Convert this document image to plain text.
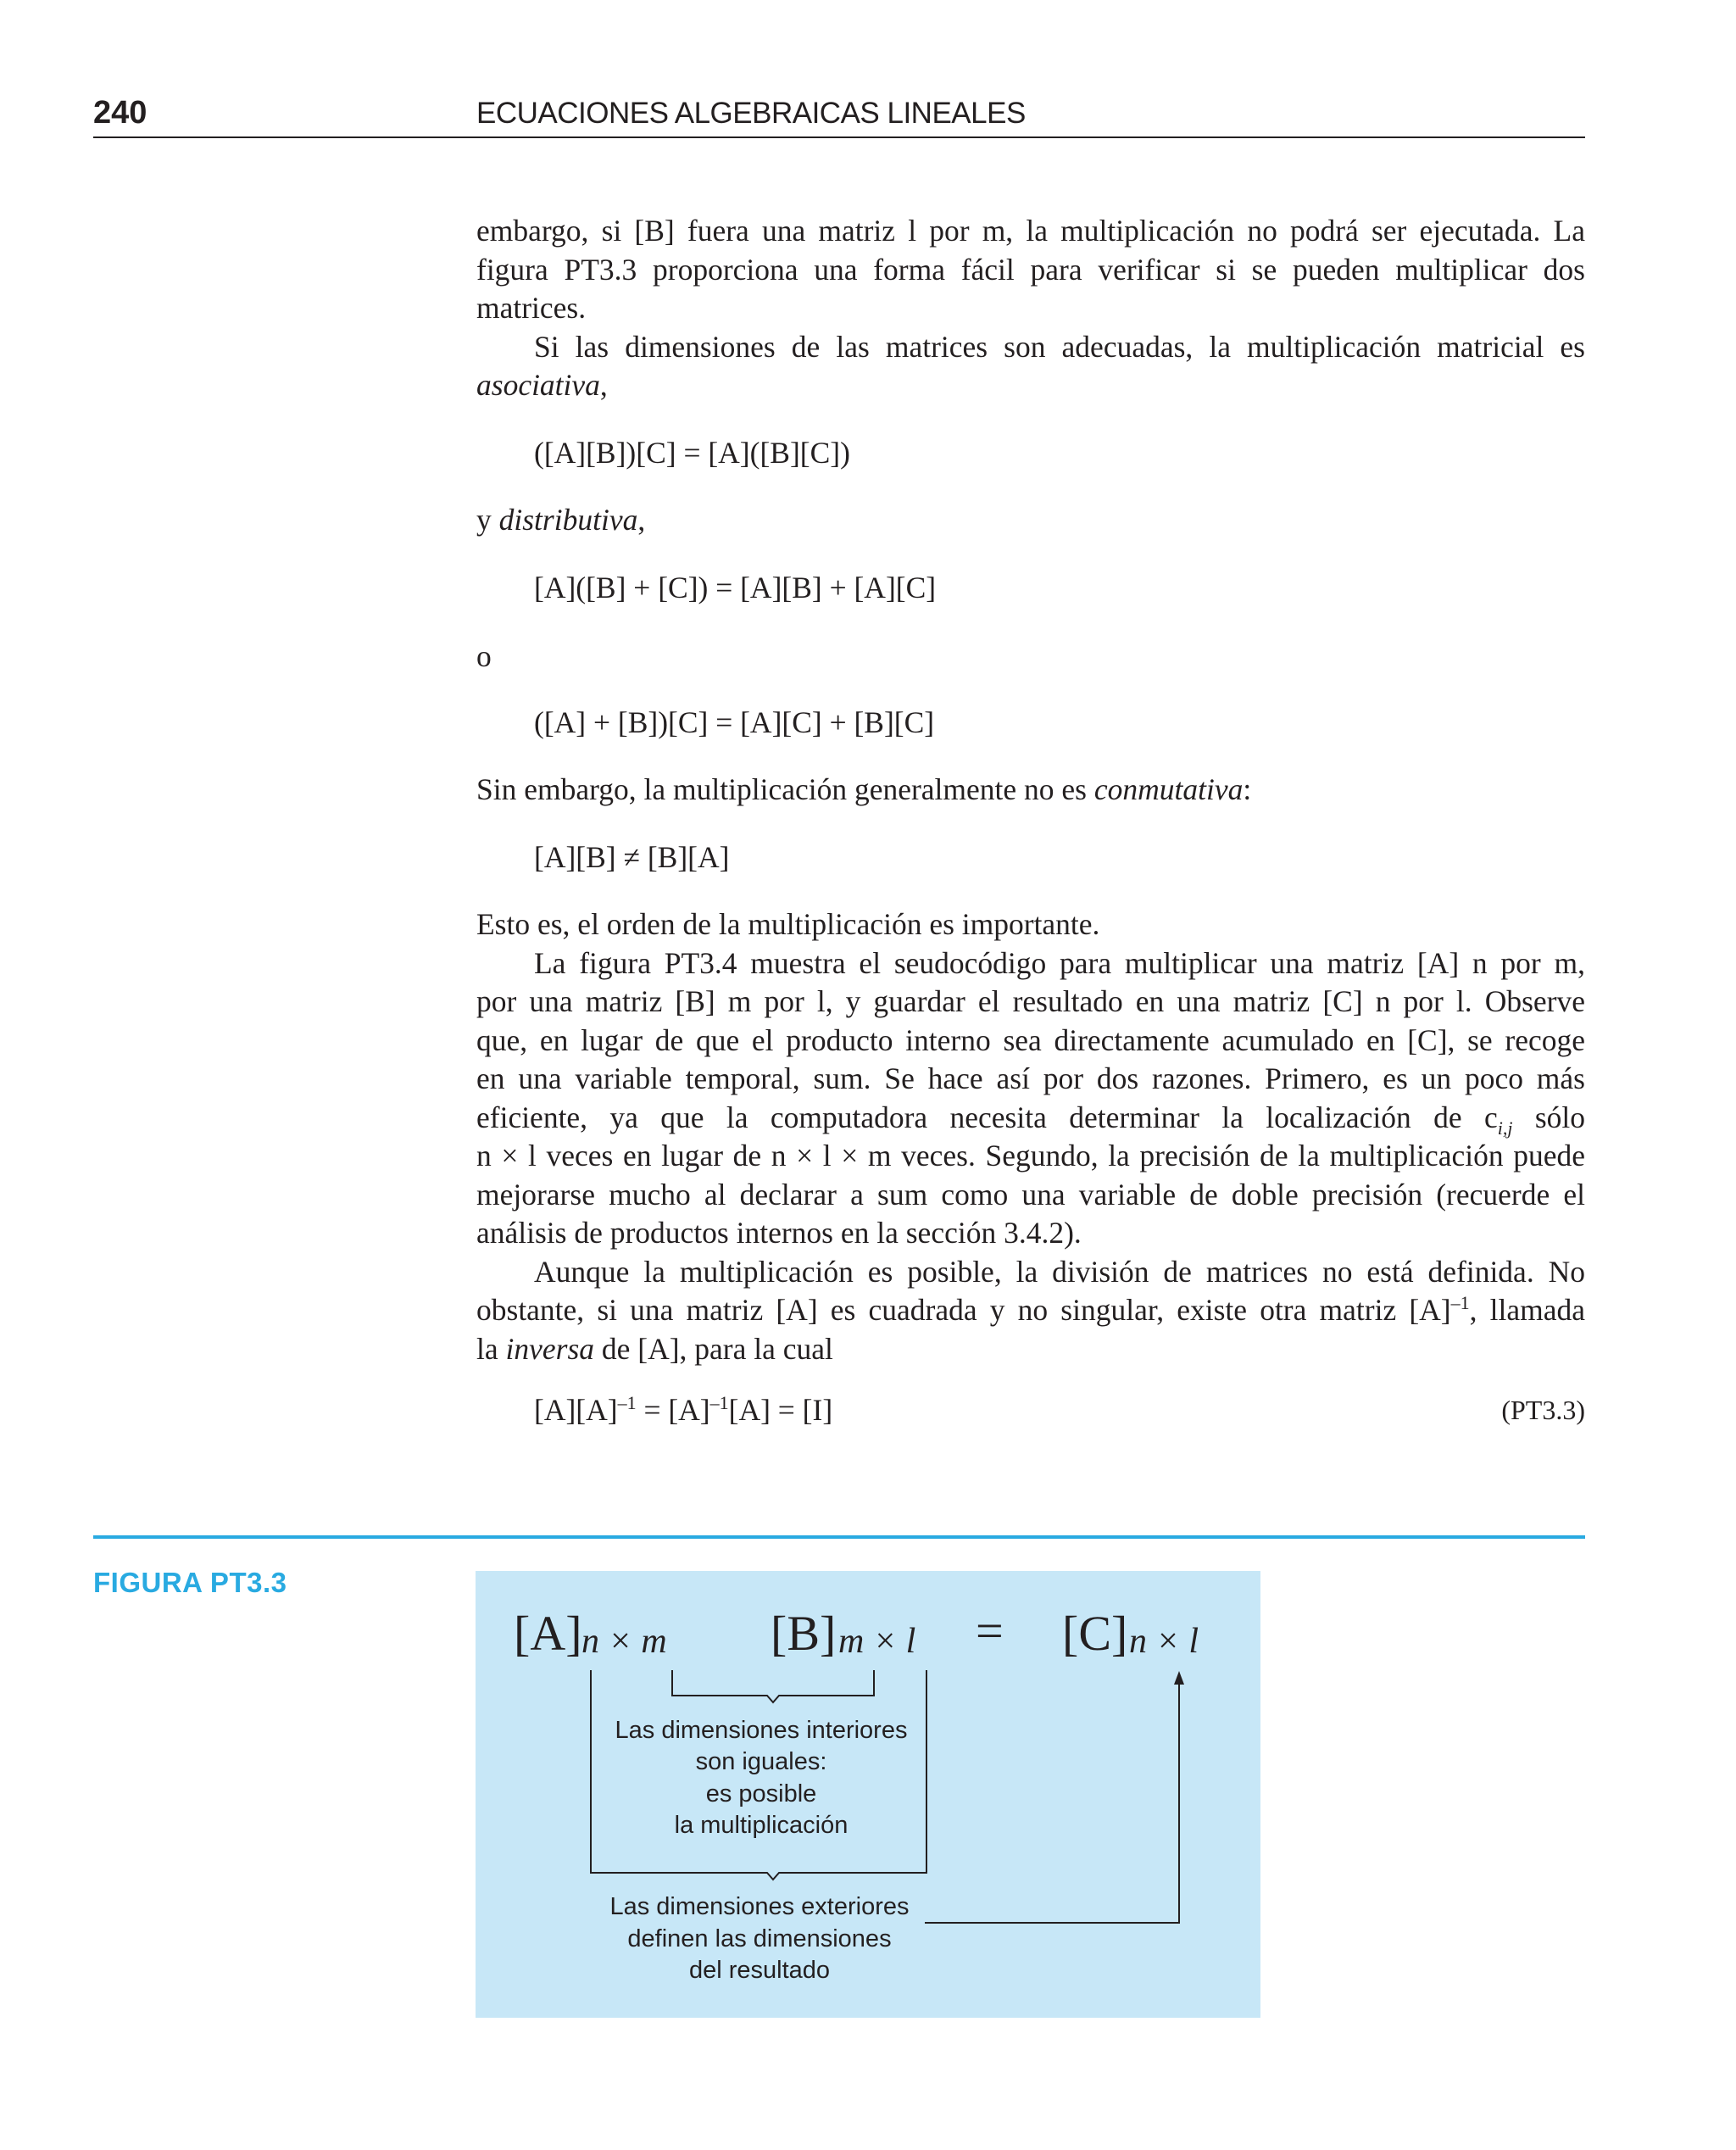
240	ECUACIONES ALGEBRAICAS LINEALES
embargo, si [B] fuera una matriz l por m, la multiplicación no podrá ser ejecutada. La
figura PT3.3 proporciona una forma fácil para verificar si se pueden multiplicar dos
matrices.
Si las dimensiones de las matrices son adecuadas, la multiplicación matricial es
asociativa,
([A][B])[C] = [A]([B][C])
y distributiva,
[A]([B] + [C]) = [A][B] + [A][C]
o
([A] + [B])[C] = [A][C] + [B][C]
Sin embargo, la multiplicación generalmente no es conmutativa:
[A][B] ≠ [B][A]
Esto es, el orden de la multiplicación es importante.
La figura PT3.4 muestra el seudocódigo para multiplicar una matriz [A] n por m,
por una matriz [B] m por l, y guardar el resultado en una matriz [C] n por l. Observe
que, en lugar de que el producto interno sea directamente acumulado en [C], se recoge
en una variable temporal, sum. Se hace así por dos razones. Primero, es un poco más
eficiente, ya que la computadora necesita determinar la localización de $c_{i,j}$ sólo
n × l veces en lugar de n × l × m veces. Segundo, la precisión de la multiplicación puede
mejorarse mucho al declarar a sum como una variable de doble precisión (recuerde el
análisis de productos internos en la sección 3.4.2).
Aunque la multiplicación es posible, la división de matrices no está definida. No
obstante, si una matriz [A] es cuadrada y no singular, existe otra matriz $[A]^{-1}$, llamada
la inversa de [A], para la cual
$[A][A]^{-1} = [A]^{-1}[A] = [I]$	(PT3.3)
FIGURA PT3.3
[A] n × m [B] m × l = [C] n × l
Las dimensiones interiores
son iguales:
es posible
la multiplicación
Las dimensiones exteriores
definen las dimensiones
del resultado
